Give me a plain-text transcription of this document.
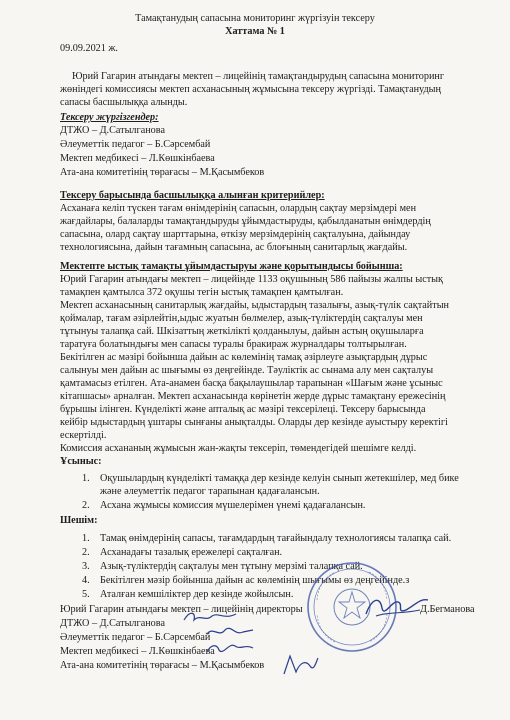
Тамақтанудың сапасына мониторинг жүргізуін тексеру
Хаттама № 1
09.09.2021 ж.
Юрий Гагарин атындағы мектеп – лицейінің тамақтандырудың сапасына мониторинг
жөніндегі комиссиясы мектеп асханасының жұмысына тексеру жүргізді. Тамақтанудың
сапасы басшылыққа алынды.
Тексеру жүргізгендер:
ДТЖО – Д.Сатылганова
Әлеуметтік педагог – Б.Сәрсембай
Мектеп медбикесі – Л.Көшкінбаева
Ата-ана комитетінің төрағасы – М.Қасымбеков
Тексеру барысында басшылыққа алынған критерийлер:
Асханаға келіп түскен тағам өнімдерінің сапасын, олардың сақтау мерзімдері мен
жағдайлары, балаларды тамақтандыруды ұйымдастыруды, қабылданатын өнімдердің
сапасына, олард сақтау шарттарына, өткізу мерзімдерінің сақталуына, дайындау
технологиясына, дайын тағамның сапасына, ас блоғының санитарлық жағдайы.
Мектепте ыстық тамақты ұйымдастыруы және қорытындысы бойынша:
Юрий Гагарин атындағы мектеп – лицейінде 1133 оқушының 586 пайызы жалпы ыстық
тамақпен қамтылса 372 оқушы тегін ыстық тамақпен қамтылған.
Мектеп асханасының санитарлық жағдайы, ыдыстардың тазалығы, азық-түлік сақтайтын
қоймалар, тағам әзірлейтін,ыдыс жуатын бөлмелер, азық-түліктердің сақталуы мен
тұтынуы талапқа сай. Шкізаттың жеткілікті қолданылуы, дайын астың оқушыларға
таратуға болатындығы мен сапасы туралы бракираж журналдары толтырылған.
Бекітілген ас мәзірі бойынша дайын ас көлемінің тамақ әзірлеуге азықтардың дұрыс
салынуы мен дайын ас шығымы өз деңгейінде. Тәуліктік ас сынама алу мен сақталуы
қамтамасыз етілген. Ата-анамен басқа бақылаушылар тарапынан «Шағым және ұсыныс
кітапшасы» арналған. Мектеп асханасында көрінетін жерде дұрыс тамақтану ережесінің
бұрышы ілінген. Күнделікті және апталық ас мәзірі тексерілеці. Тексеру барысында
кейбір ыдыстардың ұштары сынғаны анықталды. Оларды дер кезінде ауыстыру керектігі
ескертілді.
Комиссия асхананың жұмысын жан-жақты тексеріп, төмендегідей шешімге келді.
Ұсыныс:
1. Оқушылардың күнделікті тамаққа дер кезінде келуін сынып жетекшілер, мед бике
және әлеуметтік педагог тарапынан қадағалансын.
2. Асхана жұмысы комиссия мүшелерімен үнемі қадағалансын.
Шешім:
1. Тамақ өнімдерінің сапасы, тағамдардың тағайындалу технологиясы талапқа сай.
2. Асханадағы тазалық ережелері сақталған.
3. Азық-түліктердің сақталуы мен тұтыну мерзімі талапқа сай.
4. Бекітілген мәзір бойынша дайын ас көлемінің шығымы өз деңгейінде.з
5. Аталған кемшіліктер дер кезінде жойылсын.
Юрий Гагарин атындағы мектеп – лицейінің директоры	Д.Бегманова
ДТЖО – Д.Сатылганова
Әлеуметтік педагог – Б.Сәрсембай
Мектеп медбикесі – Л.Көшкінбаева
Ата-ана комитетінің төрағасы – М.Қасымбеков
